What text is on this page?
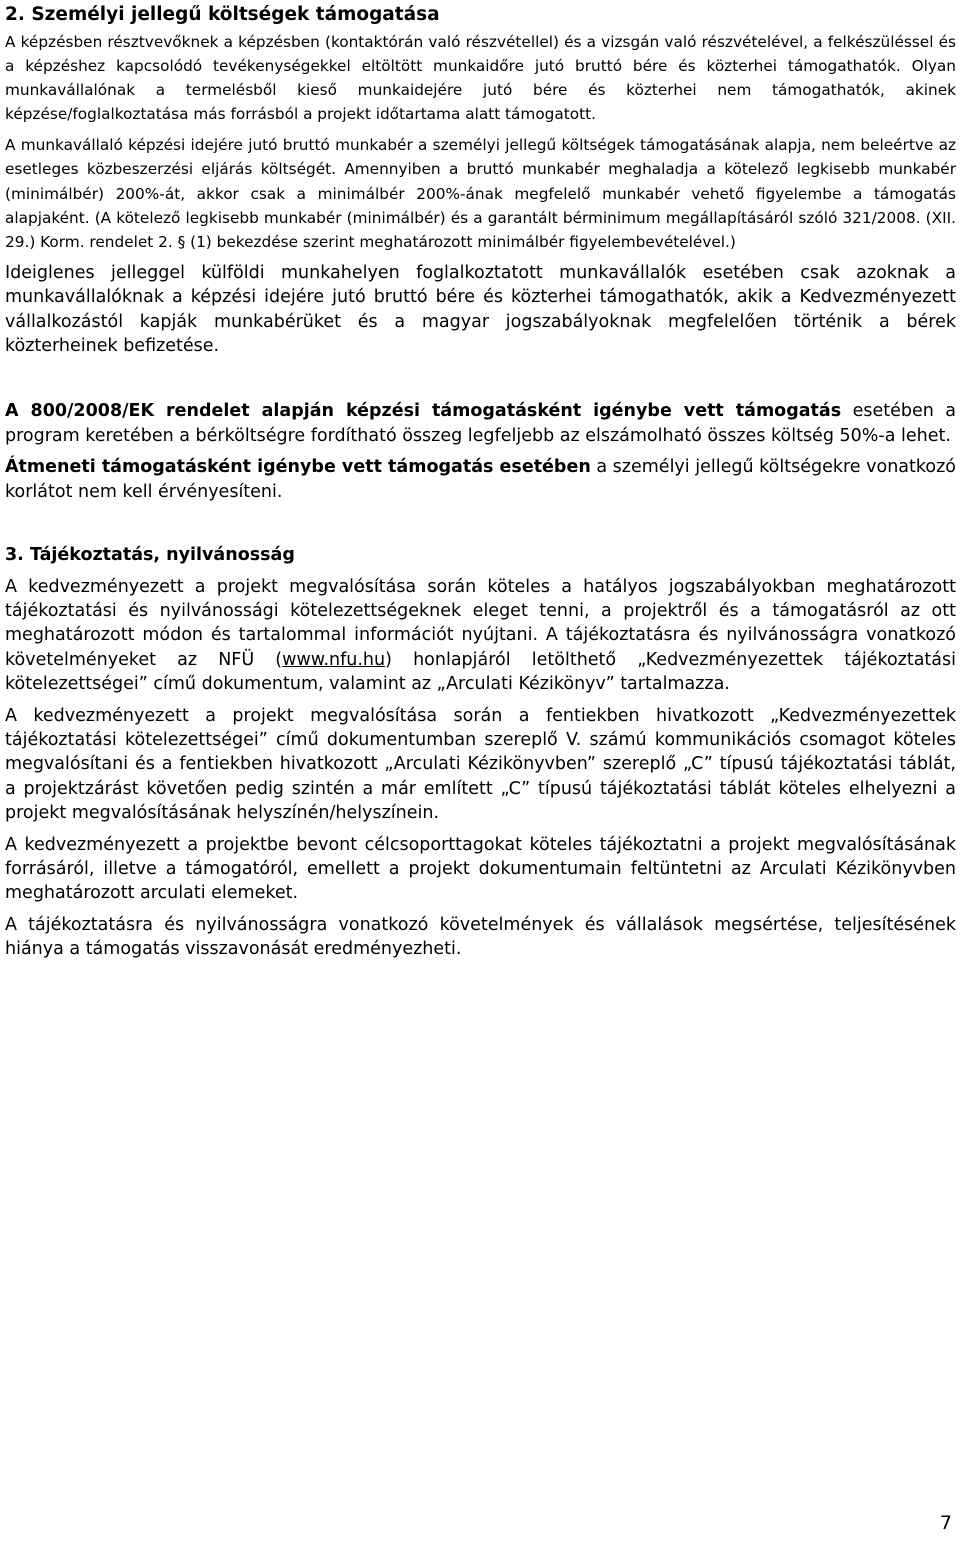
2. Személyi jellegű költségek támogatása

A képzésben résztvevőknek a képzésben (kontaktórán való részvétellel) és a vizsgán való részvételével, a felkészüléssel és a képzéshez kapcsolódó tevékenységekkel eltöltött munkaidőre jutó bruttó bére és közterhei támogathatók. Olyan munkavállalónak a termelésből kieső munkaidejére jutó bére és közterhei nem támogathatók, akinek képzése/foglalkoztatása más forrásból a projekt időtartama alatt támogatott.

A munkavállaló képzési idejére jutó bruttó munkabér a személyi jellegű költségek támogatásának alapja, nem beleértve az esetleges közbeszerzési eljárás költségét. Amennyiben a bruttó munkabér meghaladja a kötelező legkisebb munkabér (minimálbér) 200%-át, akkor csak a minimálbér 200%-ának megfelelő munkabér vehető figyelembe a támogatás alapjaként. (A kötelező legkisebb munkabér (minimálbér) és a garantált bérminimum megállapításáról szóló 321/2008. (XII. 29.) Korm. rendelet 2. § (1) bekezdése szerint meghatározott minimálbér figyelembevételével.)

Ideiglenes jelleggel külföldi munkahelyen foglalkoztatott munkavállalók esetében csak azoknak a munkavállalóknak a képzési idejére jutó bruttó bére és közterhei támogathatók, akik a Kedvezményezett vállalkozástól kapják munkabérüket és a magyar jogszabályoknak megfelelően történik a bérek közterheinek befizetése.

A 800/2008/EK rendelet alapján képzési támogatásként igénybe vett támogatás esetében a program keretében a bérköltségre fordítható összeg legfeljebb az elszámolható összes költség 50%-a lehet.

Átmeneti támogatásként igénybe vett támogatás esetében a személyi jellegű költségekre vonatkozó korlátot nem kell érvényesíteni.

3. Tájékoztatás, nyilvánosság

A kedvezményezett a projekt megvalósítása során köteles a hatályos jogszabályokban meghatározott tájékoztatási és nyilvánossági kötelezettségeknek eleget tenni, a projektről és a támogatásról az ott meghatározott módon és tartalommal információt nyújtani. A tájékoztatásra és nyilvánosságra vonatkozó követelményeket az NFÜ (www.nfu.hu) honlapjáról letölthető „Kedvezményezettek tájékoztatási kötelezettségei” című dokumentum, valamint az „Arculati Kézikönyv” tartalmazza.

A kedvezményezett a projekt megvalósítása során a fentiekben hivatkozott „Kedvezményezettek tájékoztatási kötelezettségei” című dokumentumban szereplő V. számú kommunikációs csomagot köteles megvalósítani és a fentiekben hivatkozott „Arculati Kézikönyvben” szereplő „C” típusú tájékoztatási táblát, a projektzárást követően pedig szintén a már említett „C” típusú tájékoztatási táblát köteles elhelyezni a projekt megvalósításának helyszínén/helyszínein.

A kedvezményezett a projektbe bevont célcsoporttagokat köteles tájékoztatni a projekt megvalósításának forrásáról, illetve a támogatóról, emellett a projekt dokumentumain feltüntetni az Arculati Kézikönyvben meghatározott arculati elemeket.

A tájékoztatásra és nyilvánosságra vonatkozó követelmények és vállalások megsértése, teljesítésének hiánya a támogatás visszavonását eredményezheti.

7
